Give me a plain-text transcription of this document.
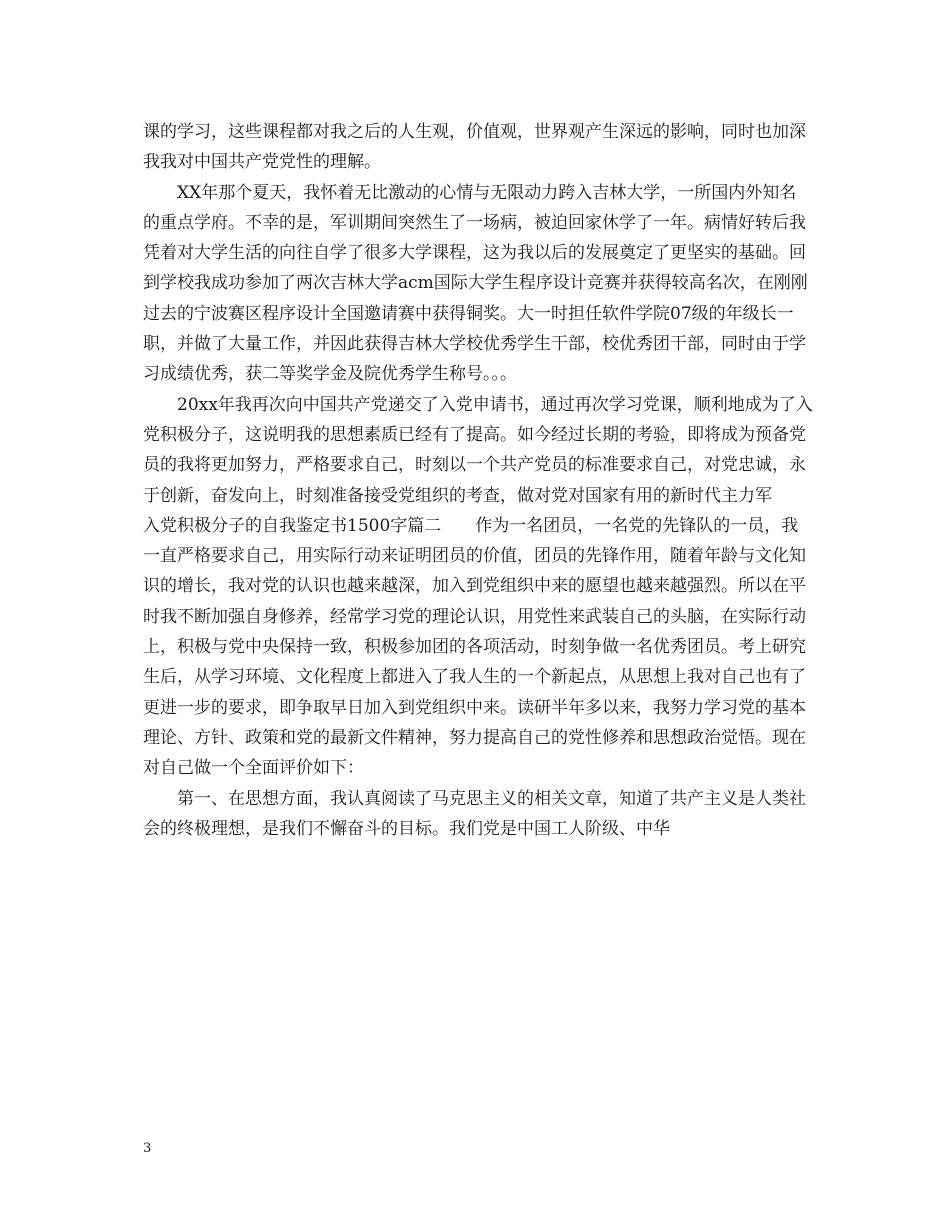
课的学习，这些课程都对我之后的人生观，价值观，世界观产生深远的影响，同时也加深我我对中国共产党党性的理解。

XX年那个夏天，我怀着无比激动的心情与无限动力跨入吉林大学，一所国内外知名的重点学府。不幸的是，军训期间突然生了一场病，被迫回家休学了一年。病情好转后我凭着对大学生活的向往自学了很多大学课程，这为我以后的发展奠定了更坚实的基础。回到学校我成功参加了两次吉林大学acm国际大学生程序设计竞赛并获得较高名次，在刚刚过去的宁波赛区程序设计全国邀请赛中获得铜奖。大一时担任软件学院07级的年级长一职，并做了大量工作，并因此获得吉林大学校优秀学生干部，校优秀团干部，同时由于学习成绩优秀，获二等奖学金及院优秀学生称号。。。

20xx年我再次向中国共产党递交了入党申请书，通过再次学习党课，顺利地成为了入党积极分子，这说明我的思想素质已经有了提高。如今经过长期的考验，即将成为预备党员的我将更加努力，严格要求自己，时刻以一个共产党员的标准要求自己，对党忠诚，永于创新，奋发向上，时刻准备接受党组织的考查，做对党对国家有用的新时代主力军

入党积极分子的自我鉴定书1500字篇二　　作为一名团员，一名党的先锋队的一员，我一直严格要求自己，用实际行动来证明团员的价值，团员的先锋作用，随着年龄与文化知识的增长，我对党的认识也越来越深，加入到党组织中来的愿望也越来越强烈。所以在平时我不断加强自身修养，经常学习党的理论认识，用党性来武装自己的头脑，在实际行动上，积极与党中央保持一致，积极参加团的各项活动，时刻争做一名优秀团员。考上研究生后，从学习环境、文化程度上都进入了我人生的一个新起点，从思想上我对自己也有了更进一步的要求，即争取早日加入到党组织中来。读研半年多以来，我努力学习党的基本理论、方针、政策和党的最新文件精神，努力提高自己的党性修养和思想政治觉悟。现在对自己做一个全面评价如下：

第一、在思想方面，我认真阅读了马克思主义的相关文章，知道了共产主义是人类社会的终极理想，是我们不懈奋斗的目标。我们党是中国工人阶级、中华

3
